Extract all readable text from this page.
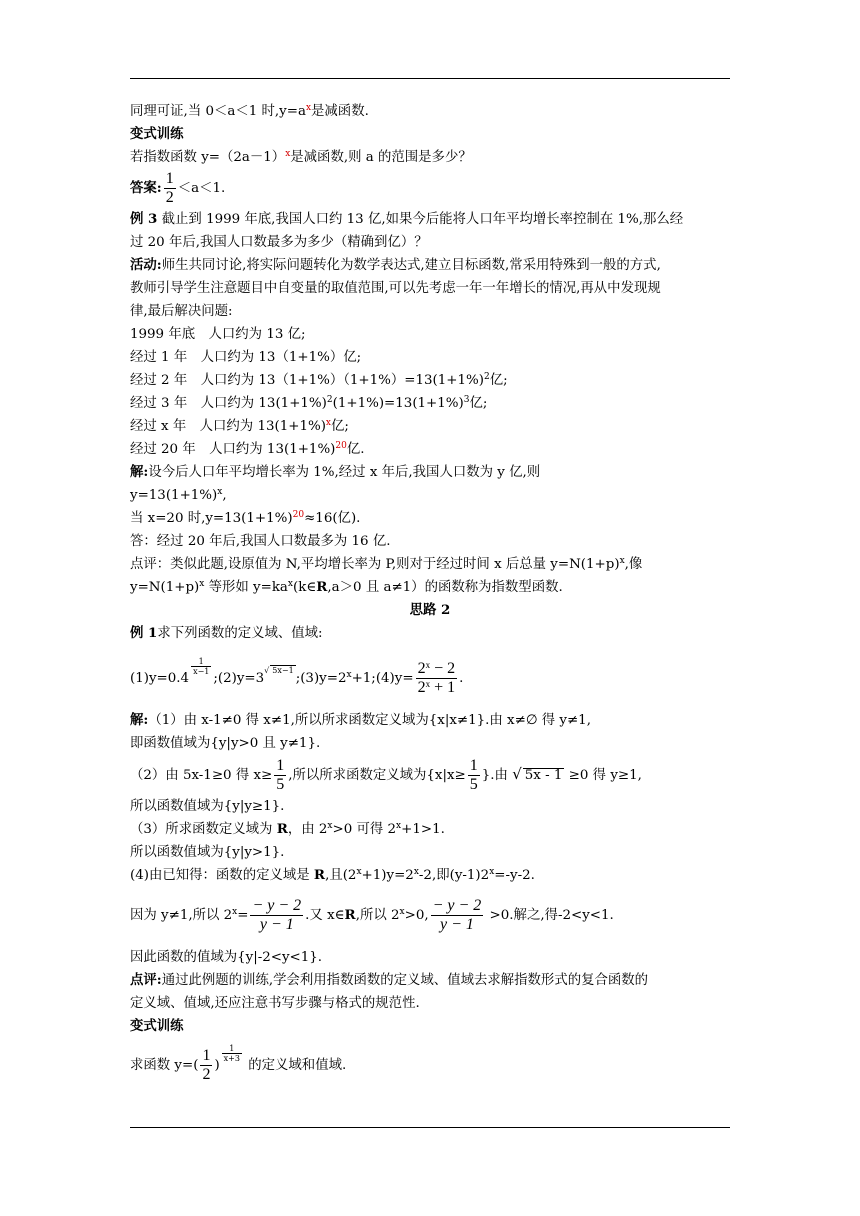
同理可证,当 0＜a＜1 时$,y=a^x$是减函数.
变式训练
若指数函数 $y=(2a-1)^x$是减函数,则 a 的范围是多少？
答案: $\frac{1}{2} <a<1$.
例 3 截止到 1999 年底,我国人口约 13 亿,如果今后能将人口年平均增长率控制在 1%,那么经
过 20 年后,我国人口数最多为多少（精确到亿）？
活动:师生共同讨论,将实际问题转化为数学表达式,建立目标函数,常采用特殊到一般的方式,
教师引导学生注意题目中自变量的取值范围,可以先考虑一年一年增长的情况,再从中发现规
律,最后解决问题:
1999 年底　人口约为 13 亿;
经过 1 年　人口约为 13（1+1%）亿;
经过 2 年　人口约为 $13(1+1\%)(1+1\%)=13(1+1\%)^2$亿;
经过 3 年　人口约为 $13(1+1\%)^2(1+1\%)=13(1+1\%)^3$亿;
经过 x 年　人口约为 $13(1+1\%)^x$亿;
经过 20 年　人口约为 $13(1+1\%)^{20}$亿.
解:设今后人口年平均增长率为 1%,经过 x 年后,我国人口数为 y 亿,则
$y=13(1+1\%)^x$,
当 x=20 时$,y=13(1+1\%)^{20}\approx 16$(亿).
答：经过 20 年后,我国人口数最多为 16 亿.
点评：类似此题,设原值为 N,平均增长率为 P,则对于经过时间 x 后总量 $y=N(1+p)^x$,像
$y=N(1+p)^x$ 等形如 $y=ka^x(k\in R,a>0$ 且 a≠1）的函数称为指数型函数.
思路 2
例 1求下列函数的定义域、值域:
(1)y=0.4
$\frac{1}{x-1}$
$;(2)y=3^{√ 5x-1};(3)y=2^x+1;(4)y= \frac{2^x - 2}{2^x + 1}$ .
解:（1）由 x-1≠0 得 x≠1,所以所求函数定义域为{x|x≠1}.由 x≠∅ 得 y≠1,
即函数值域为{y|y>0 且 y≠1}.
（2）由 5x-1≥0 得 $x\ge \frac{1}{5}$ ,所以所求函数定义域为{$x|x\ge \frac{1}{5}$ }.由 √ 5x - 1 ≥0 得 y≥1,
所以函数值域为{y|y≥1}.
（3）所求函数定义域为 R，由 $2^x>0$ 可得 $2^x+1>1$.
所以函数值域为{y|y>1}.
(4)由已知得：函数的定义域是 R,且$(2^x+1)y=2^x-2$,即$(y-1)2^x=-y-2$.
因为 y≠1,所以 $2^x= \frac{- y - 2}{y - 1}$ .又 x∈R,所以 $2^x>0$, $\frac{- y - 2}{y - 1} >0$.解之,得-2<y<1.
因此函数的值域为{y|-2<y<1}.
点评:通过此例题的训练,学会利用指数函数的定义域、值域去求解指数形式的复合函数的
定义域、值域,还应注意书写步骤与格式的规范性.
变式训练
求函数 $y=( \frac{1}{2}$ )
$\frac{1}{x+3}$
的定义域和值域.
